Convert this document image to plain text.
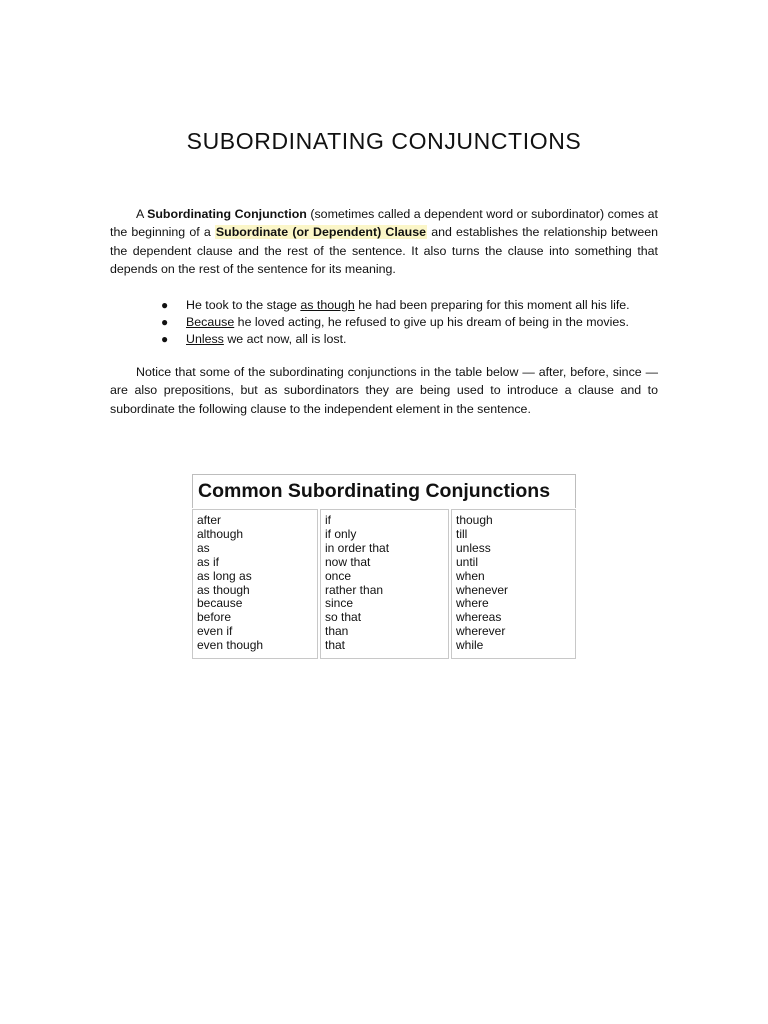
SUBORDINATING CONJUNCTIONS

A Subordinating Conjunction (sometimes called a dependent word or subordinator) comes at the beginning of a Subordinate (or Dependent) Clause and establishes the relationship between the dependent clause and the rest of the sentence. It also turns the clause into something that depends on the rest of the sentence for its meaning.

● He took to the stage as though he had been preparing for this moment all his life.
● Because he loved acting, he refused to give up his dream of being in the movies.
● Unless we act now, all is lost.

Notice that some of the subordinating conjunctions in the table below — after, before, since — are also prepositions, but as subordinators they are being used to introduce a clause and to subordinate the following clause to the independent element in the sentence.

Common Subordinating Conjunctions
after
although
as
as if
as long as
as though
because
before
even if
even though
if
if only
in order that
now that
once
rather than
since
so that
than
that
though
till
unless
until
when
whenever
where
whereas
wherever
while
